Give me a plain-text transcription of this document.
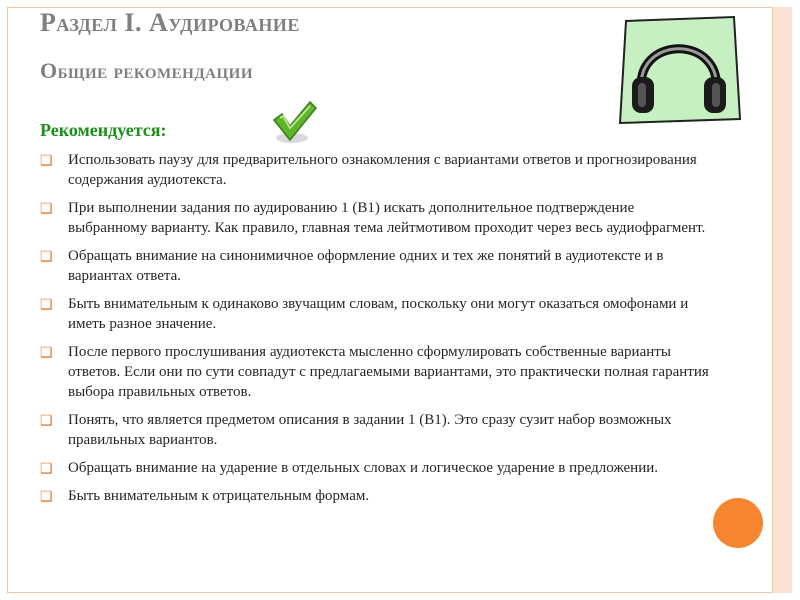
Раздел I. Аудирование
Общие рекомендации
Рекомендуется:
❑ Использовать паузу для предварительного ознакомления с вариантами ответов и прогнозирования содержания аудиотекста.
❑ При выполнении задания по аудированию 1 (В1) искать дополнительное подтверждение выбранному варианту. Как правило, главная тема лейтмотивом проходит через весь аудиофрагмент.
❑ Обращать внимание на синонимичное оформление одних и тех же понятий в аудиотексте и в вариантах ответа.
❑ Быть внимательным к одинаково звучащим словам, поскольку они могут оказаться омофонами и иметь разное значение.
❑ После первого прослушивания аудиотекста мысленно сформулировать собственные варианты ответов. Если они по сути совпадут с предлагаемыми вариантами, это практически полная гарантия выбора правильных ответов.
❑ Понять, что является предметом описания в задании 1 (В1). Это сразу сузит набор возможных правильных вариантов.
❑ Обращать внимание на ударение в отдельных словах и логическое ударение в предложении.
❑ Быть внимательным к отрицательным формам.
